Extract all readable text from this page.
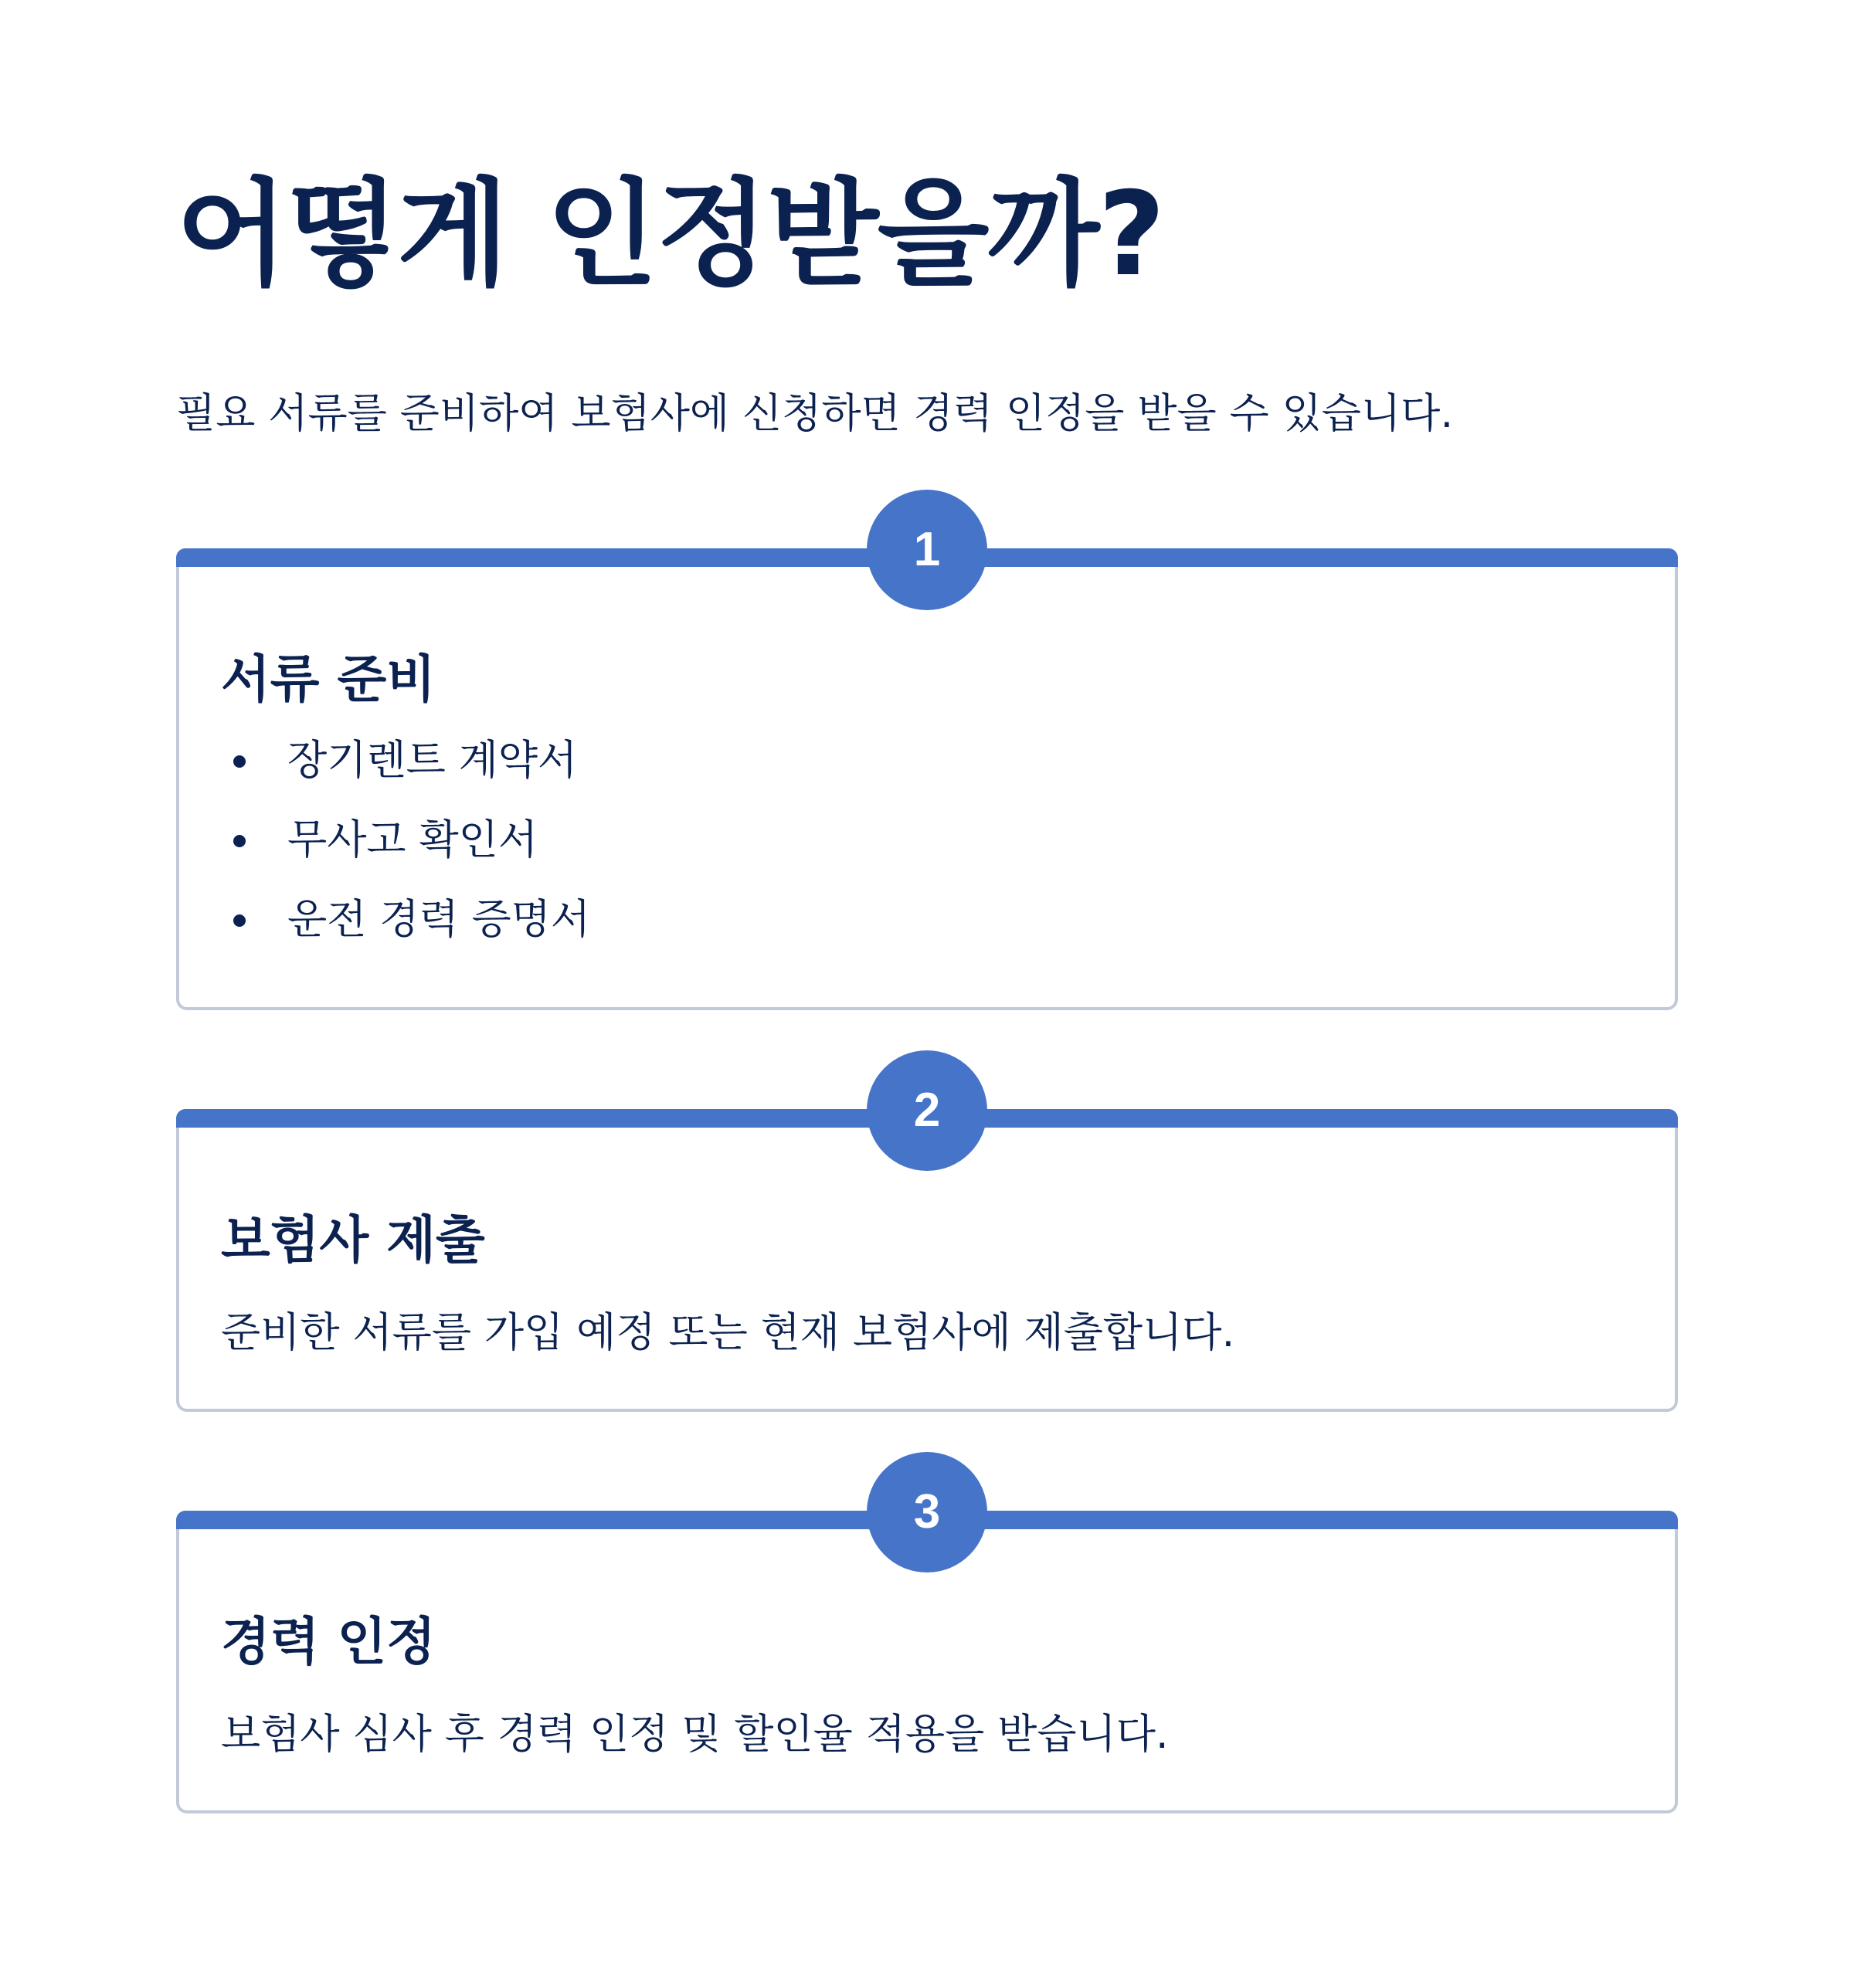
어떻게 인정받을까?

필요 서류를 준비하여 보험사에 신청하면 경력 인정을 받을 수 있습니다.

1
서류 준비
장기렌트 계약서
무사고 확인서
운전 경력 증명서
2
보험사 제출

준비한 서류를 가입 예정 또는 현재 보험사에 제출합니다.

3
경력 인정

보험사 심사 후 경력 인정 및 할인율 적용을 받습니다.
